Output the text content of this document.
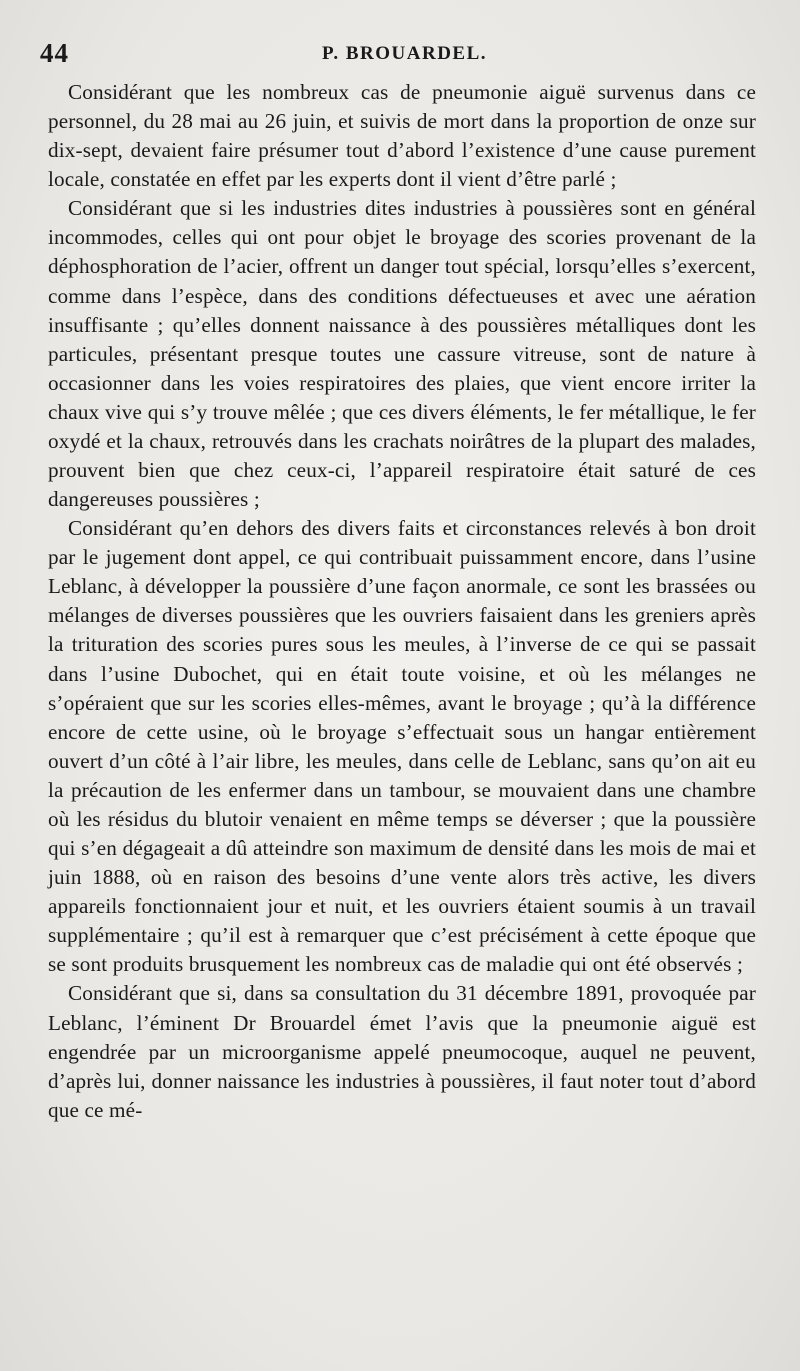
44	P. BROUARDEL.

Considérant que les nombreux cas de pneumonie aiguë survenus dans ce personnel, du 28 mai au 26 juin, et suivis de mort dans la proportion de onze sur dix-sept, devaient faire présumer tout d’abord l’existence d’une cause purement locale, constatée en effet par les experts dont il vient d’être parlé ;

Considérant que si les industries dites industries à poussières sont en général incommodes, celles qui ont pour objet le broyage des scories provenant de la déphosphoration de l’acier, offrent un danger tout spécial, lorsqu’elles s’exercent, comme dans l’espèce, dans des conditions défectueuses et avec une aération insuffisante ; qu’elles donnent naissance à des poussières métalliques dont les particules, présentant presque toutes une cassure vitreuse, sont de nature à occasionner dans les voies respiratoires des plaies, que vient encore irriter la chaux vive qui s’y trouve mêlée ; que ces divers éléments, le fer métallique, le fer oxydé et la chaux, retrouvés dans les crachats noirâtres de la plupart des malades, prouvent bien que chez ceux-ci, l’appareil respiratoire était saturé de ces dangereuses poussières ;

Considérant qu’en dehors des divers faits et circonstances relevés à bon droit par le jugement dont appel, ce qui contribuait puissamment encore, dans l’usine Leblanc, à développer la poussière d’une façon anormale, ce sont les brassées ou mélanges de diverses poussières que les ouvriers faisaient dans les greniers après la trituration des scories pures sous les meules, à l’inverse de ce qui se passait dans l’usine Dubochet, qui en était toute voisine, et où les mélanges ne s’opéraient que sur les scories elles-mêmes, avant le broyage ; qu’à la différence encore de cette usine, où le broyage s’effectuait sous un hangar entièrement ouvert d’un côté à l’air libre, les meules, dans celle de Leblanc, sans qu’on ait eu la précaution de les enfermer dans un tambour, se mouvaient dans une chambre où les résidus du blutoir venaient en même temps se déverser ; que la poussière qui s’en dégageait a dû atteindre son maximum de densité dans les mois de mai et juin 1888, où en raison des besoins d’une vente alors très active, les divers appareils fonctionnaient jour et nuit, et les ouvriers étaient soumis à un travail supplémentaire ; qu’il est à remarquer que c’est précisément à cette époque que se sont produits brusquement les nombreux cas de maladie qui ont été observés ;

Considérant que si, dans sa consultation du 31 décembre 1891, provoquée par Leblanc, l’éminent Dr Brouardel émet l’avis que la pneumonie aiguë est engendrée par un microorganisme appelé pneumocoque, auquel ne peuvent, d’après lui, donner naissance les industries à poussières, il faut noter tout d’abord que ce mé-
